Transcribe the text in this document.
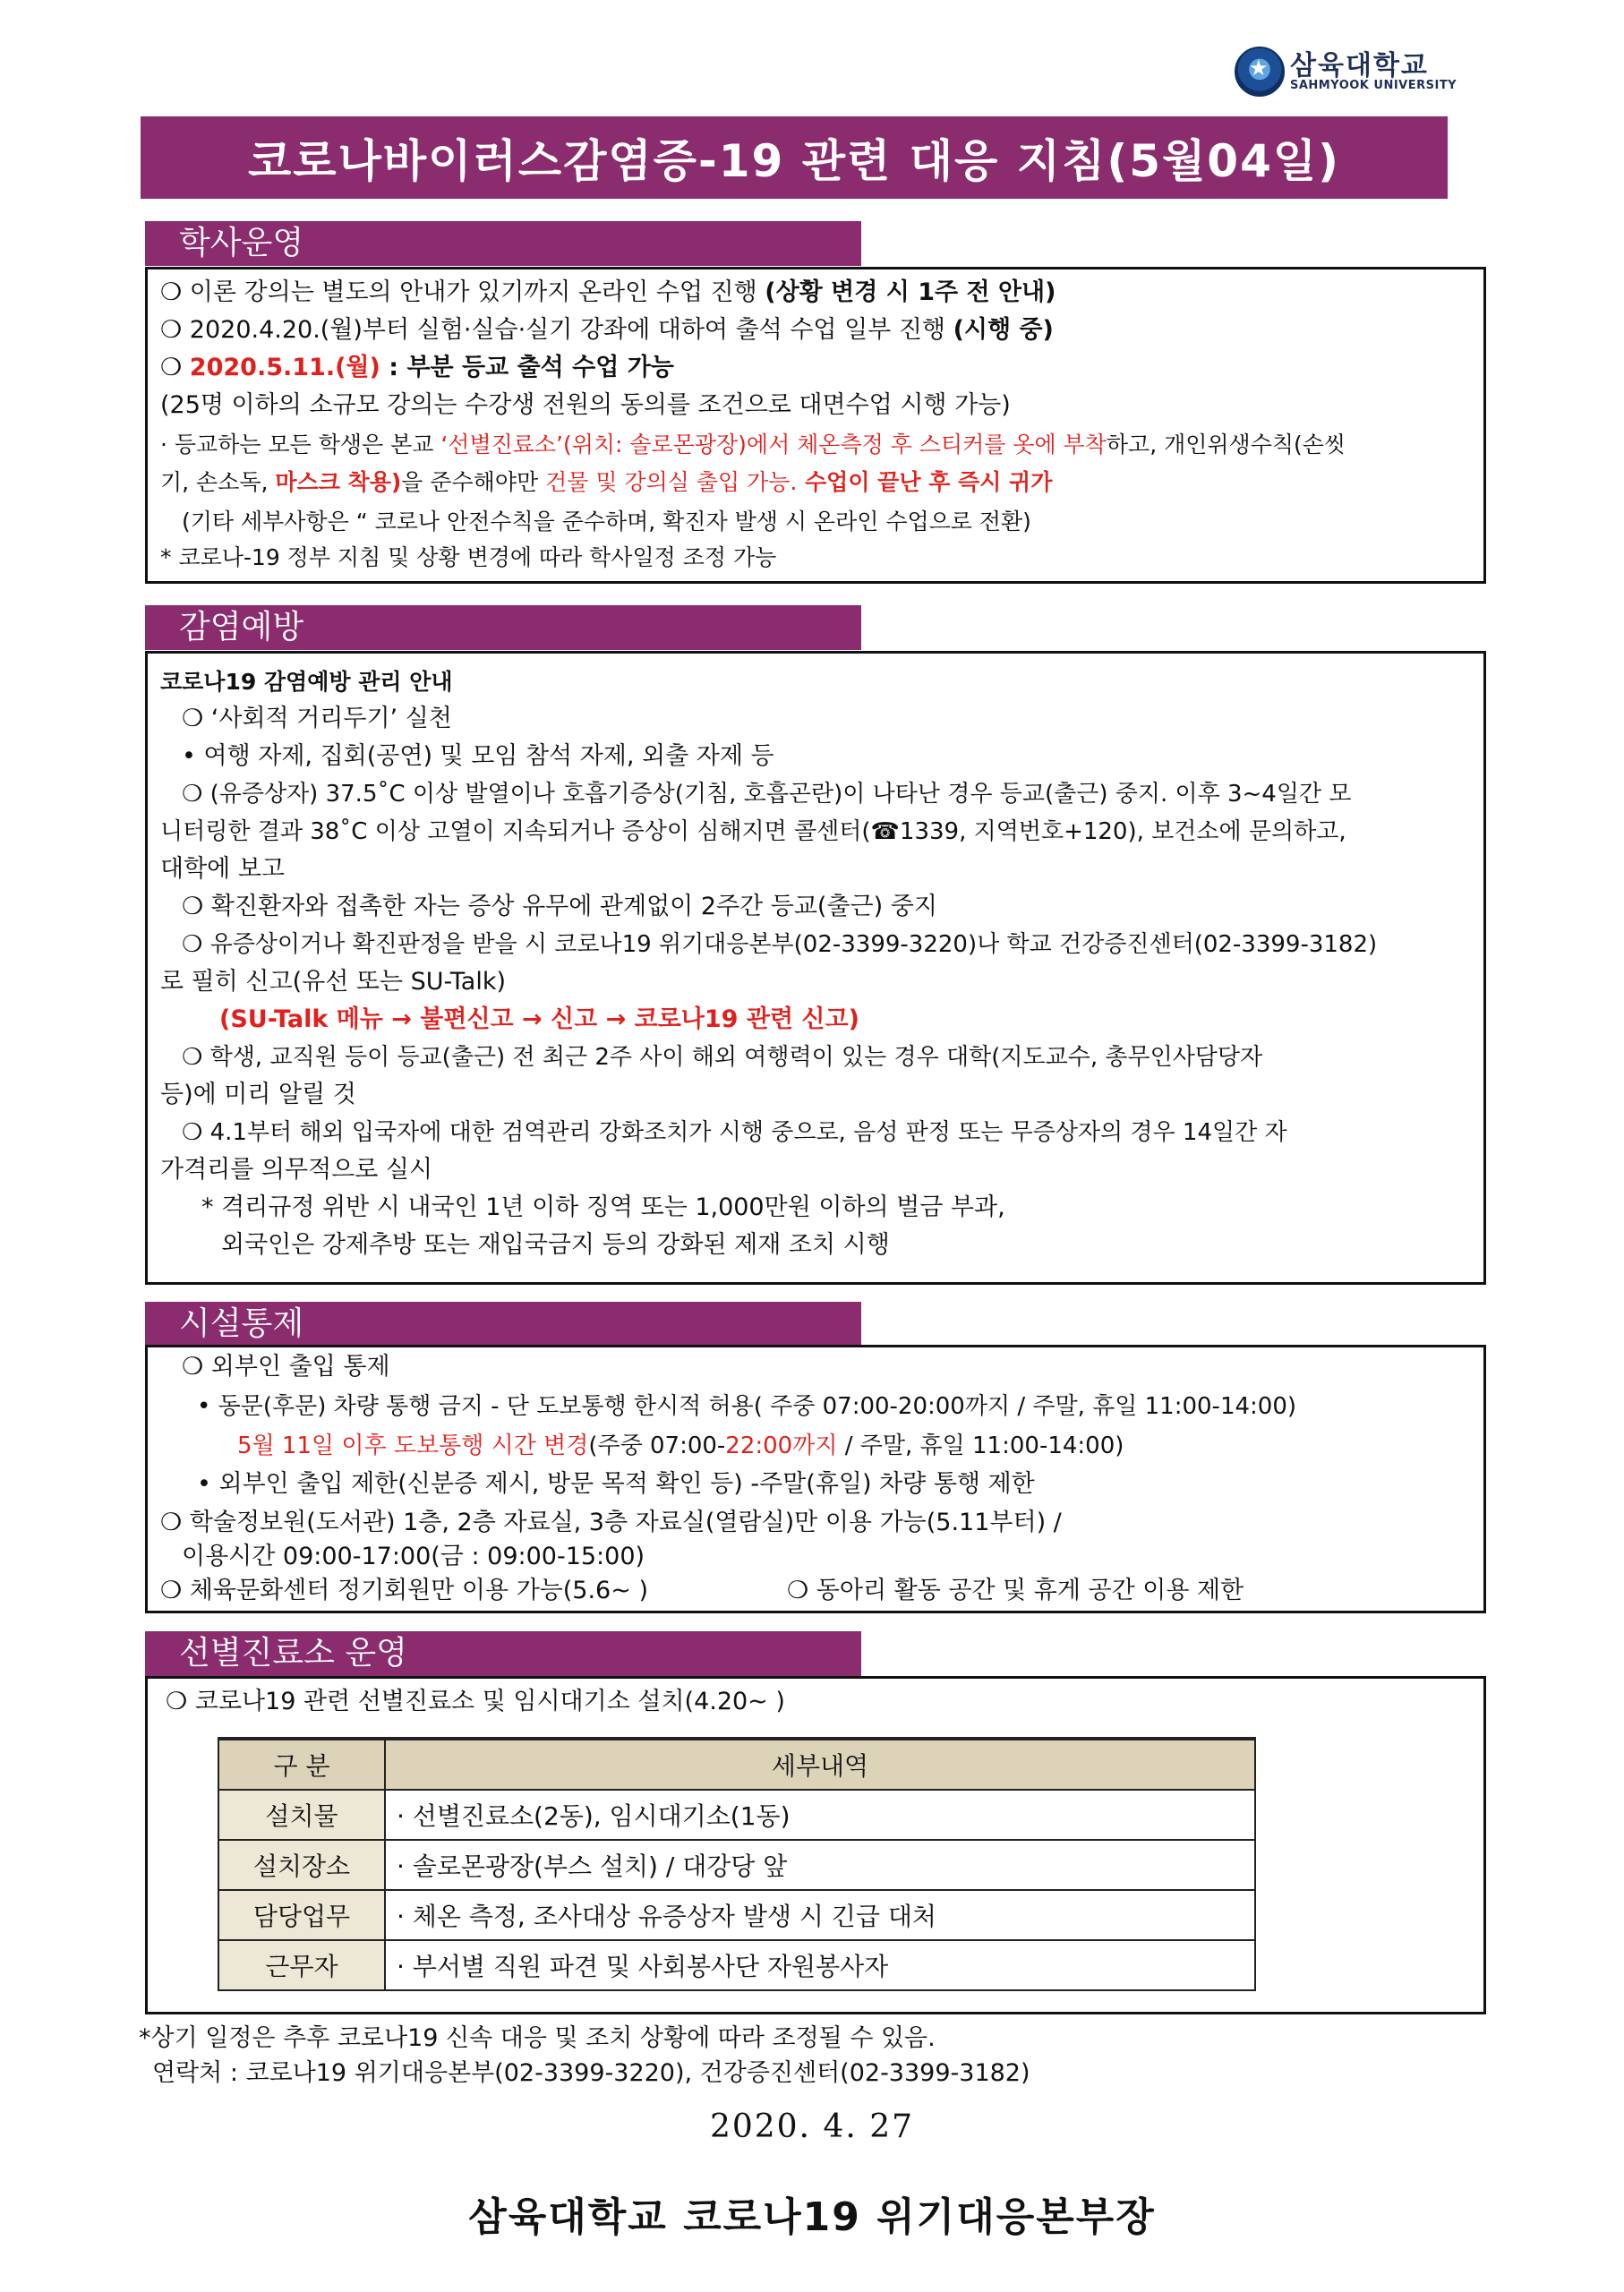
★
삼육대학교
SAHMYOOK UNIVERSITY
코로나바이러스감염증-19 관련 대응 지침(5월04일)
학사운영
❍ 이론 강의는 별도의 안내가 있기까지 온라인 수업 진행 (상황 변경 시 1주 전 안내)
❍ 2020.4.20.(월)부터 실험·실습·실기 강좌에 대하여 출석 수업 일부 진행 (시행 중)
❍ 2020.5.11.(월) : 부분 등교 출석 수업 가능
(25명 이하의 소규모 강의는 수강생 전원의 동의를 조건으로 대면수업 시행 가능)
· 등교하는 모든 학생은 본교 ‘선별진료소’(위치: 솔로몬광장)에서 체온측정 후 스티커를 옷에 부착하고, 개인위생수칙(손씻
기, 손소독, 마스크 착용)을 준수해야만 건물 및 강의실 출입 가능. 수업이 끝난 후 즉시 귀가
(기타 세부사항은 “ 코로나 안전수칙을 준수하며, 확진자 발생 시 온라인 수업으로 전환)
* 코로나-19 정부 지침 및 상황 변경에 따라 학사일정 조정 가능
감염예방
코로나19 감염예방 관리 안내
❍ ‘사회적 거리두기’ 실천
• 여행 자제, 집회(공연) 및 모임 참석 자제, 외출 자제 등
❍ (유증상자) 37.5˚C 이상 발열이나 호흡기증상(기침, 호흡곤란)이 나타난 경우 등교(출근) 중지. 이후 3~4일간 모
니터링한 결과 38˚C 이상 고열이 지속되거나 증상이 심해지면 콜센터(☎1339, 지역번호+120), 보건소에 문의하고,
대학에 보고
❍ 확진환자와 접촉한 자는 증상 유무에 관계없이 2주간 등교(출근) 중지
❍ 유증상이거나 확진판정을 받을 시 코로나19 위기대응본부(02-3399-3220)나 학교 건강증진센터(02-3399-3182)
로 필히 신고(유선 또는 SU-Talk)
(SU-Talk 메뉴 → 불편신고 → 신고 → 코로나19 관련 신고)
❍ 학생, 교직원 등이 등교(출근) 전 최근 2주 사이 해외 여행력이 있는 경우 대학(지도교수, 총무인사담당자
등)에 미리 알릴 것
❍ 4.1부터 해외 입국자에 대한 검역관리 강화조치가 시행 중으로, 음성 판정 또는 무증상자의 경우 14일간 자
가격리를 의무적으로 실시
* 격리규정 위반 시 내국인 1년 이하 징역 또는 1,000만원 이하의 벌금 부과,
외국인은 강제추방 또는 재입국금지 등의 강화된 제재 조치 시행
시설통제
❍ 외부인 출입 통제
• 동문(후문) 차량 통행 금지 - 단 도보통행 한시적 허용( 주중 07:00-20:00까지 / 주말, 휴일 11:00-14:00)
5월 11일 이후 도보통행 시간 변경(주중 07:00-22:00까지 / 주말, 휴일 11:00-14:00)
• 외부인 출입 제한(신분증 제시, 방문 목적 확인 등) -주말(휴일) 차량 통행 제한
❍ 학술정보원(도서관) 1층, 2층 자료실, 3층 자료실(열람실)만 이용 가능(5.11부터) /
이용시간 09:00-17:00(금 : 09:00-15:00)
❍ 체육문화센터 정기회원만 이용 가능(5.6~ )	❍ 동아리 활동 공간 및 휴게 공간 이용 제한
선별진료소 운영
❍ 코로나19 관련 선별진료소 및 임시대기소 설치(4.20~ )
구 분	세부내역
설치물	· 선별진료소(2동), 임시대기소(1동)
설치장소	· 솔로몬광장(부스 설치) / 대강당 앞
담당업무	· 체온 측정, 조사대상 유증상자 발생 시 긴급 대처
근무자	· 부서별 직원 파견 및 사회봉사단 자원봉사자
*상기 일정은 추후 코로나19 신속 대응 및 조치 상황에 따라 조정될 수 있음.
연락처 : 코로나19 위기대응본부(02-3399-3220), 건강증진센터(02-3399-3182)
2020. 4. 27
삼육대학교 코로나19 위기대응본부장
